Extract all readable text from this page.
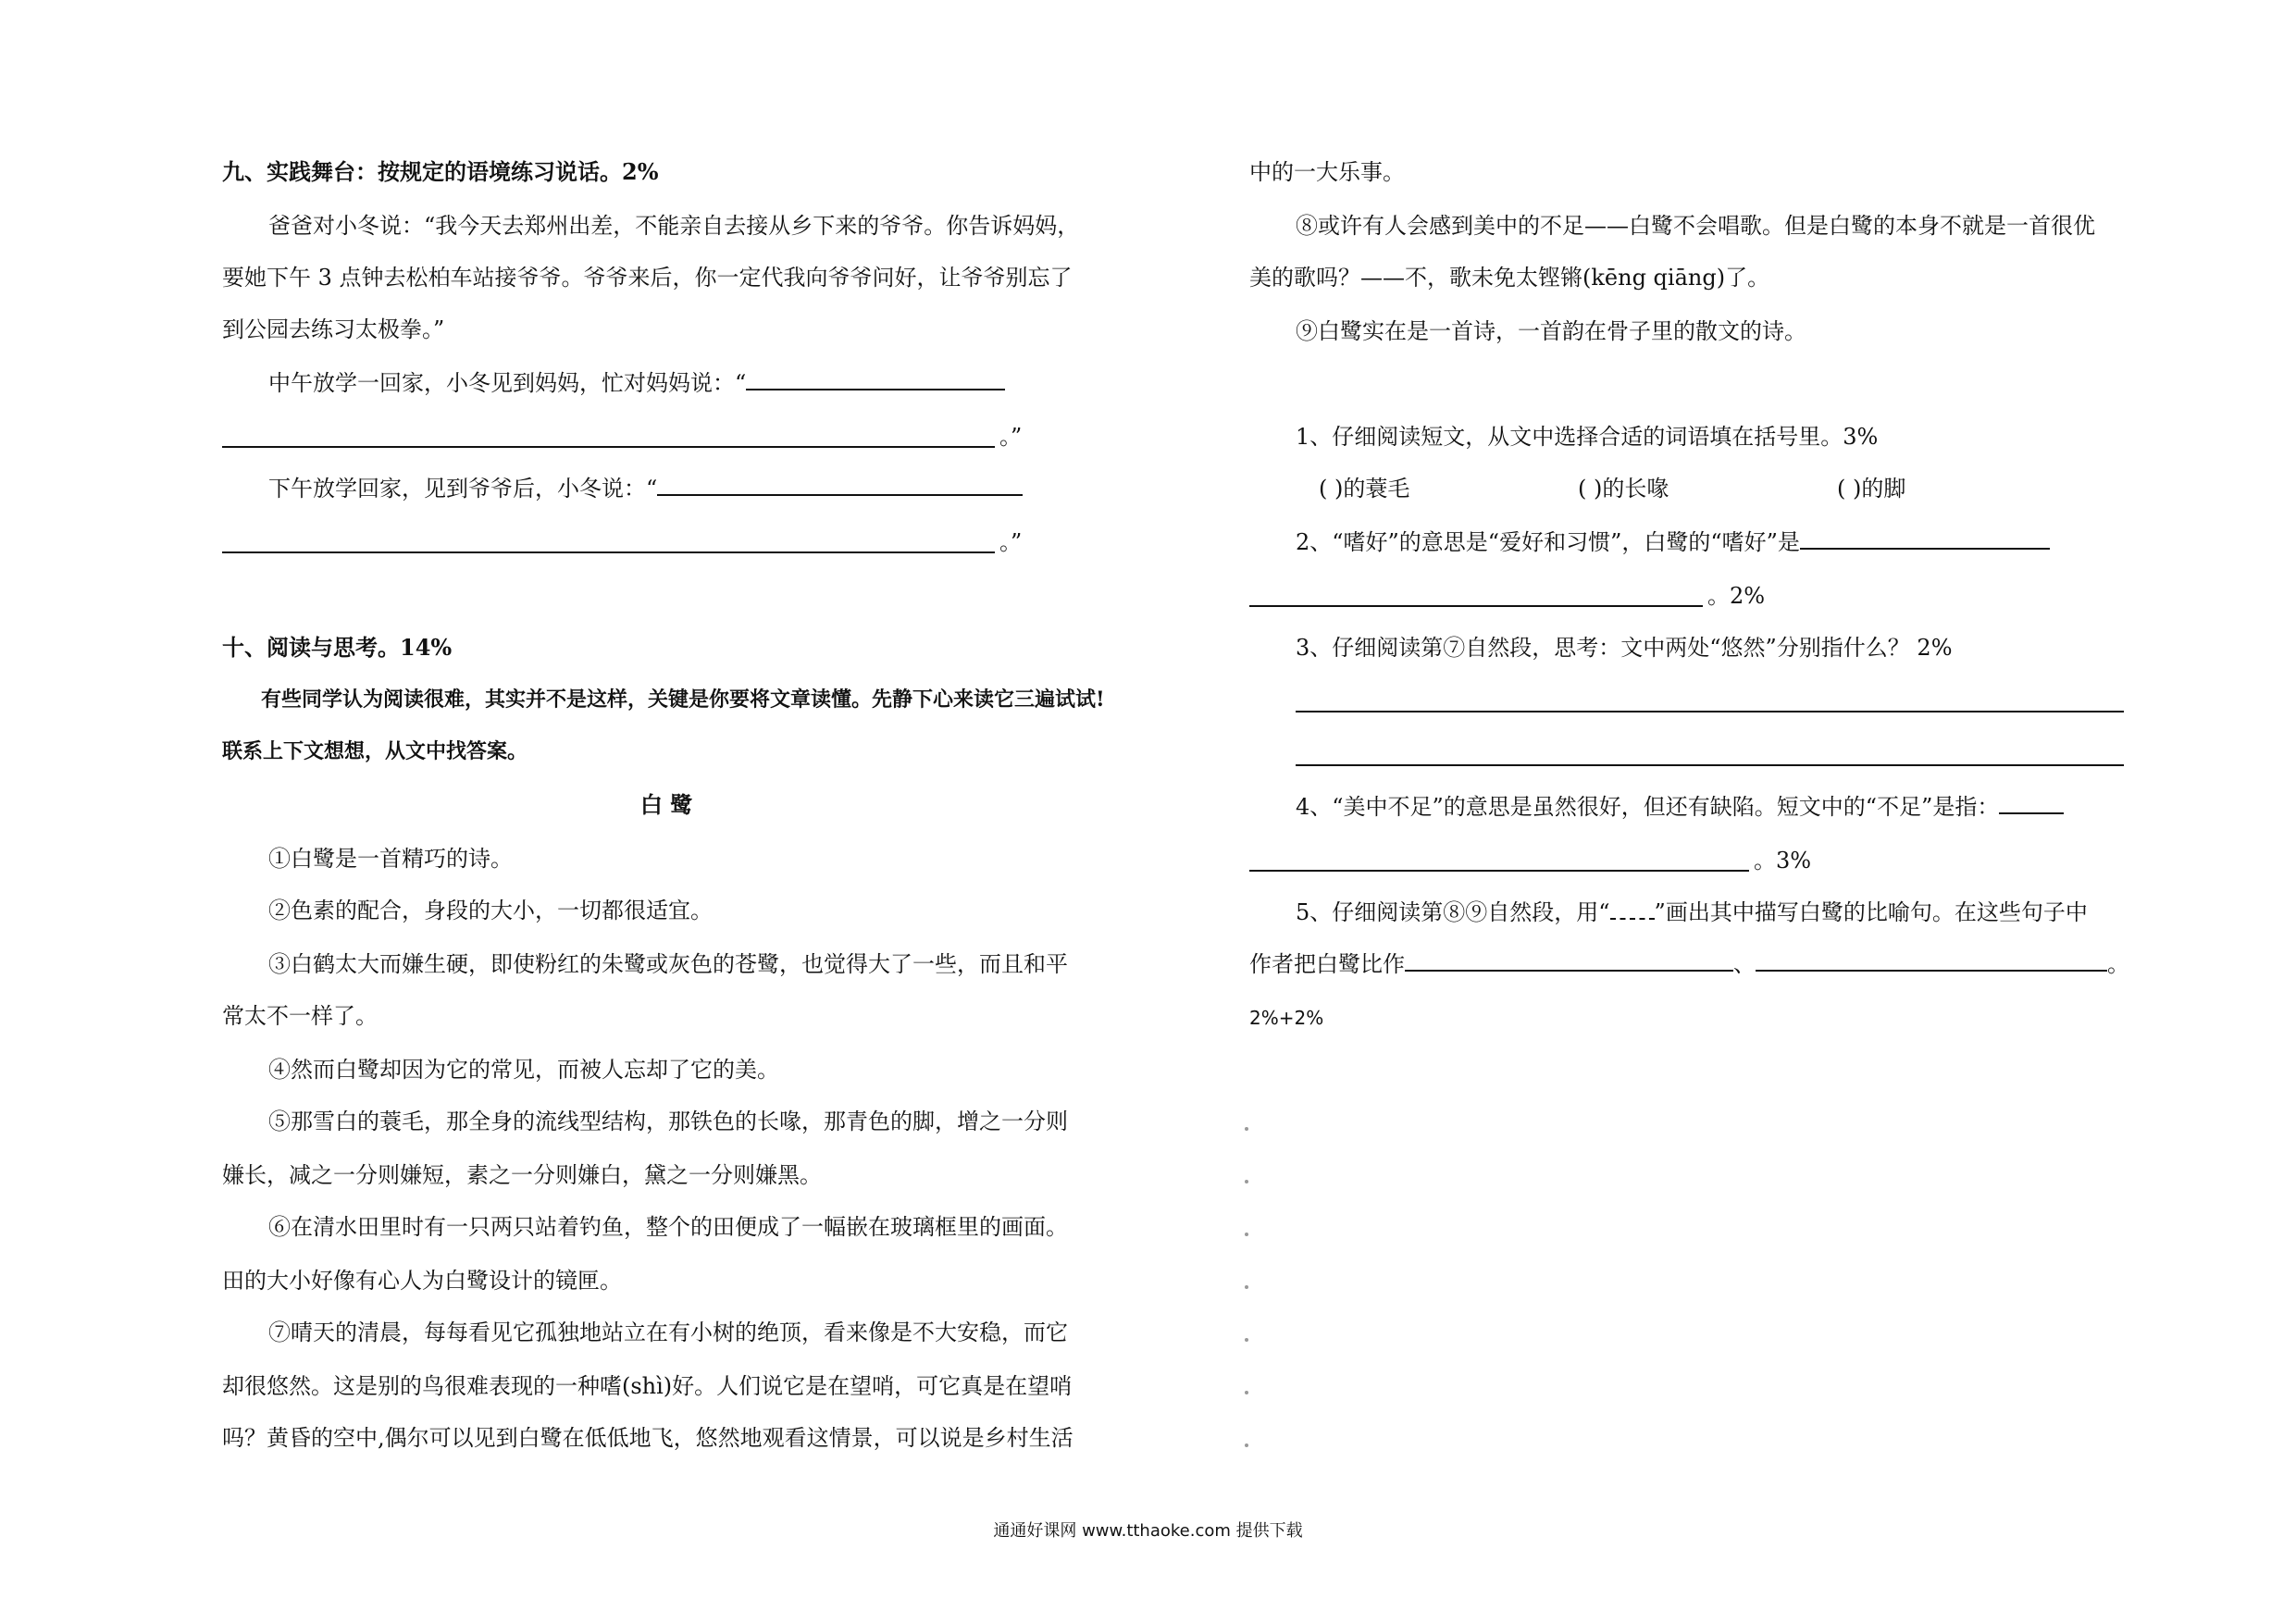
九、实践舞台：按规定的语境练习说话。2%
爸爸对小冬说：“我今天去郑州出差，不能亲自去接从乡下来的爷爷。你告诉妈妈，
要她下午 3 点钟去松柏车站接爷爷。爷爷来后，你一定代我向爷爷问好，让爷爷别忘了
到公园去练习太极拳。”
中午放学一回家，小冬见到妈妈，忙对妈妈说：“
。”
下午放学回家，见到爷爷后，小冬说：“
。”
十、阅读与思考。14%
有些同学认为阅读很难，其实并不是这样，关键是你要将文章读懂。先静下心来读它三遍试试!
联系上下文想想，从文中找答案。
白 鹭
①白鹭是一首精巧的诗。
②色素的配合，身段的大小，一切都很适宜。
③白鹤太大而嫌生硬，即使粉红的朱鹭或灰色的苍鹭，也觉得大了一些，而且和平
常太不一样了。
④然而白鹭却因为它的常见，而被人忘却了它的美。
⑤那雪白的蓑毛，那全身的流线型结构，那铁色的长喙，那青色的脚，增之一分则
嫌长，减之一分则嫌短，素之一分则嫌白，黛之一分则嫌黑。
⑥在清水田里时有一只两只站着钓鱼，整个的田便成了一幅嵌在玻璃框里的画面。
田的大小好像有心人为白鹭设计的镜匣。
⑦晴天的清晨，每每看见它孤独地站立在有小树的绝顶，看来像是不大安稳，而它
却很悠然。这是别的鸟很难表现的一种嗜(shì)好。人们说它是在望哨，可它真是在望哨
吗？黄昏的空中,偶尔可以见到白鹭在低低地飞，悠然地观看这情景，可以说是乡村生活
中的一大乐事。
⑧或许有人会感到美中的不足——白鹭不会唱歌。但是白鹭的本身不就是一首很优
美的歌吗？——不，歌未免太铿锵(kēng qiāng)了。
⑨白鹭实在是一首诗，一首韵在骨子里的散文的诗。
1、仔细阅读短文，从文中选择合适的词语填在括号里。3%
( )的蓑毛	( )的长喙	( )的脚
2、“嗜好”的意思是“爱好和习惯”，白鹭的“嗜好”是
。2%
3、仔细阅读第⑦自然段，思考：文中两处“悠然”分别指什么？ 2%
4、“美中不足”的意思是虽然很好，但还有缺陷。短文中的“不足”是指：
。3%
5、仔细阅读第⑧⑨自然段，用“ ”画出其中描写白鹭的比喻句。在这些句子中
作者把白鹭比作	、	。
2%+2%
通通好课网 www.tthaoke.com 提供下载
